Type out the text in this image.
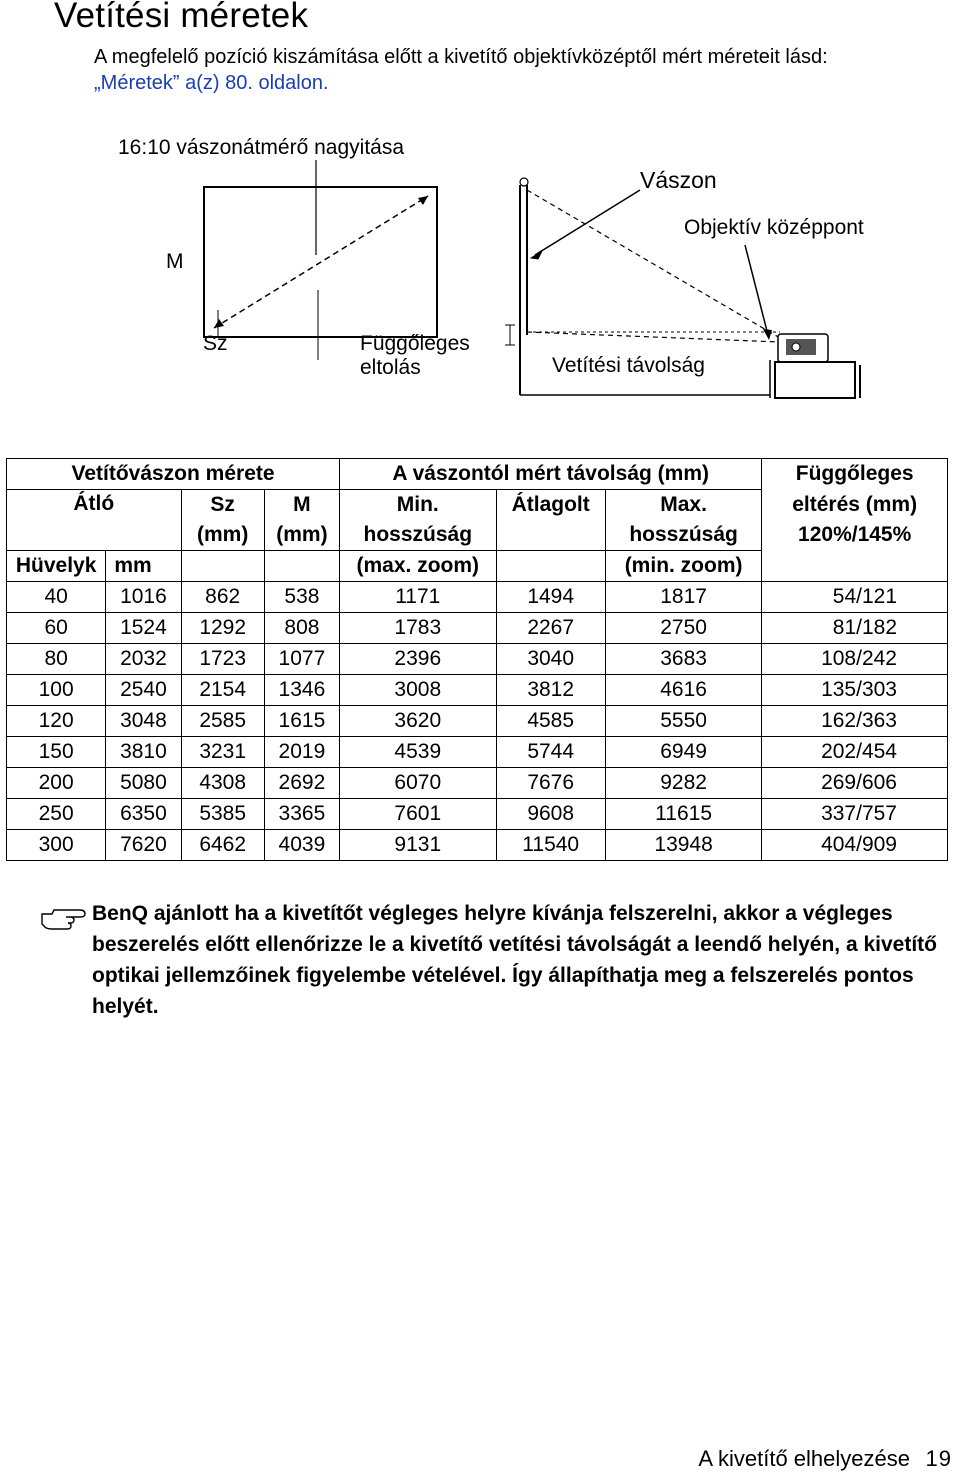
Vetítési méretek
A megfelelő pozíció kiszámítása előtt a kivetítő objektívközéptől mért méreteit lásd:
„Méretek” a(z) 80. oldalon.
16:10 vászonátmérő nagyitása
M
Sz	Függőleges
eltolás	Vetítési távolság
Vászon
Objektív középpont
Vetítővászon mérete				A vászontól mért távolság (mm)			Függőleges
Átló		Sz	M	Min.	Átlagolt	Max.	eltérés (mm)
		(mm)	(mm)	hosszúság		hosszúság	120%/145%
Hüvelyk	mm			(max. zoom)		(min. zoom)	
40	1016	862	538	1171	1494	1817	54/121
60	1524	1292	808	1783	2267	2750	81/182
80	2032	1723	1077	2396	3040	3683	108/242
100	2540	2154	1346	3008	3812	4616	135/303
120	3048	2585	1615	3620	4585	5550	162/363
150	3810	3231	2019	4539	5744	6949	202/454
200	5080	4308	2692	6070	7676	9282	269/606
250	6350	5385	3365	7601	9608	11615	337/757
300	7620	6462	4039	9131	11540	13948	404/909
BenQ ajánlott ha a kivetítőt végleges helyre kívánja felszerelni, akkor a végleges beszerelés előtt ellenőrizze le a kivetítő vetítési távolságát a leendő helyén, a kivetítő optikai jellemzőinek figyelembe vételével. Így állapíthatja meg a felszerelés pontos helyét.
A kivetítő elhelyezése 19
